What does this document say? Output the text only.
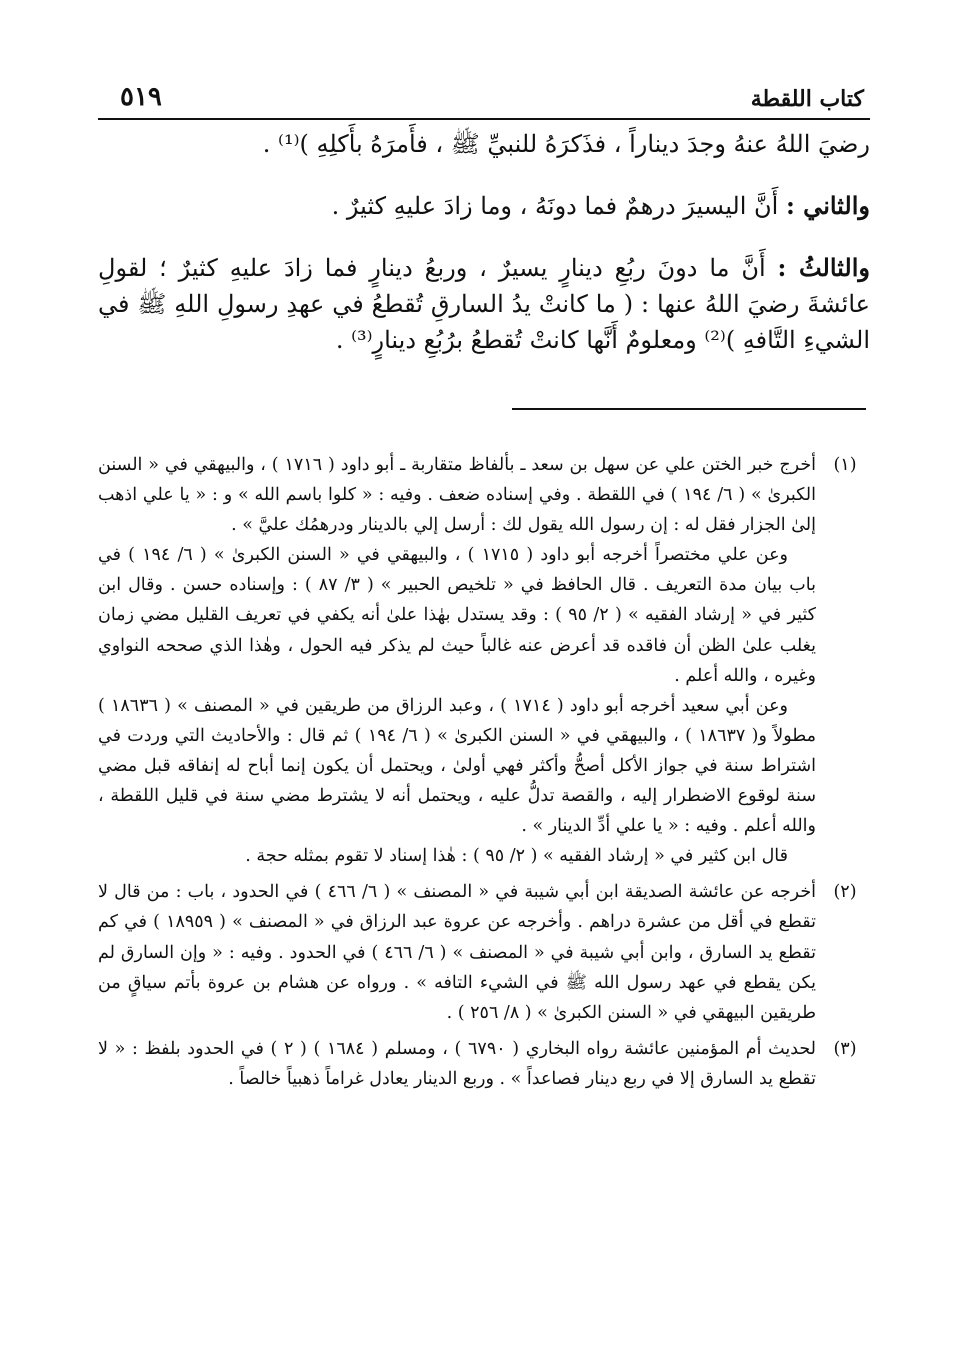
كتاب اللقطة
٥١٩

رضيَ اللهُ عنهُ وجدَ ديناراً ، فذَكرَهُ للنبيِّ ﷺ ، فأَمرَهُ بأَكلِهِ )⁽¹⁾ .

والثاني : أَنَّ اليسيرَ درهمٌ فما دونَهُ ، وما زادَ عليهِ كثيرٌ .

والثالثُ : أَنَّ ما دونَ ربُعِ دينارٍ يسيرٌ ، وربعُ دينارٍ فما زادَ عليهِ كثيرٌ ؛ لقولِ عائشةَ رضيَ اللهُ عنها : ( ما كانتْ يدُ السارقِ تُقطعُ في عهدِ رسولِ اللهِ ﷺ في الشيءِ التَّافهِ )⁽²⁾ ومعلومٌ أَنَّها كانتْ تُقطعُ برُبُعِ دينارٍ⁽³⁾ .

(١)

أخرج خبر الختن علي عن سهل بن سعد ـ بألفاظ متقاربة ـ أبو داود ( ١٧١٦ ) ، والبيهقي في « السنن الكبرىٰ » ( ٦/ ١٩٤ ) في اللقطة . وفي إسناده ضعف . وفيه : « كلوا باسم الله » و : « يا علي اذهب إلىٰ الجزار فقل له : إن رسول الله يقول لك : أرسل إلي بالدينار ودرهمُك عليَّ » .

وعن علي مختصراً أخرجه أبو داود ( ١٧١٥ ) ، والبيهقي في « السنن الكبرىٰ » ( ٦/ ١٩٤ ) في باب بيان مدة التعريف . قال الحافظ في « تلخيص الحبير » ( ٣/ ٨٧ ) : وإسناده حسن . وقال ابن كثير في « إرشاد الفقيه » ( ٢/ ٩٥ ) : وقد يستدل بهٰذا علىٰ أنه يكفي في تعريف القليل مضي زمان يغلب علىٰ الظن أن فاقده قد أعرض عنه غالباً حيث لم يذكر فيه الحول ، وهٰذا الذي صححه النواوي وغيره ، والله أعلم .

وعن أبي سعيد أخرجه أبو داود ( ١٧١٤ ) ، وعبد الرزاق من طريقين في « المصنف » ( ١٨٦٣٦ ) مطولاً و( ١٨٦٣٧ ) ، والبيهقي في « السنن الكبرىٰ » ( ٦/ ١٩٤ ) ثم قال : والأحاديث التي وردت في اشتراط سنة في جواز الأكل أصحُّ وأكثر فهي أولىٰ ، ويحتمل أن يكون إنما أباح له إنفاقه قبل مضي سنة لوقوع الاضطرار إليه ، والقصة تدلُّ عليه ، ويحتمل أنه لا يشترط مضي سنة في قليل اللقطة ، والله أعلم . وفيه : « يا علي أدِّ الدينار » .

قال ابن كثير في « إرشاد الفقيه » ( ٢/ ٩٥ ) : هٰذا إسناد لا تقوم بمثله حجة .

(٢)

أخرجه عن عائشة الصديقة ابن أبي شيبة في « المصنف » ( ٦/ ٤٦٦ ) في الحدود ، باب : من قال لا تقطع في أقل من عشرة دراهم . وأخرجه عن عروة عبد الرزاق في « المصنف » ( ١٨٩٥٩ ) في كم تقطع يد السارق ، وابن أبي شيبة في « المصنف » ( ٦/ ٤٦٦ ) في الحدود . وفيه : « وإن السارق لم يكن يقطع في عهد رسول الله ﷺ في الشيء التافه » . ورواه عن هشام بن عروة بأتم سياقٍ من طريقين البيهقي في « السنن الكبرىٰ » ( ٨/ ٢٥٦ ) .

(٣)

لحديث أم المؤمنين عائشة رواه البخاري ( ٦٧٩٠ ) ، ومسلم ( ١٦٨٤ ) ( ٢ ) في الحدود بلفظ : « لا تقطع يد السارق إلا في ربع دينار فصاعداً » . وربع الدينار يعادل غراماً ذهبياً خالصاً .
